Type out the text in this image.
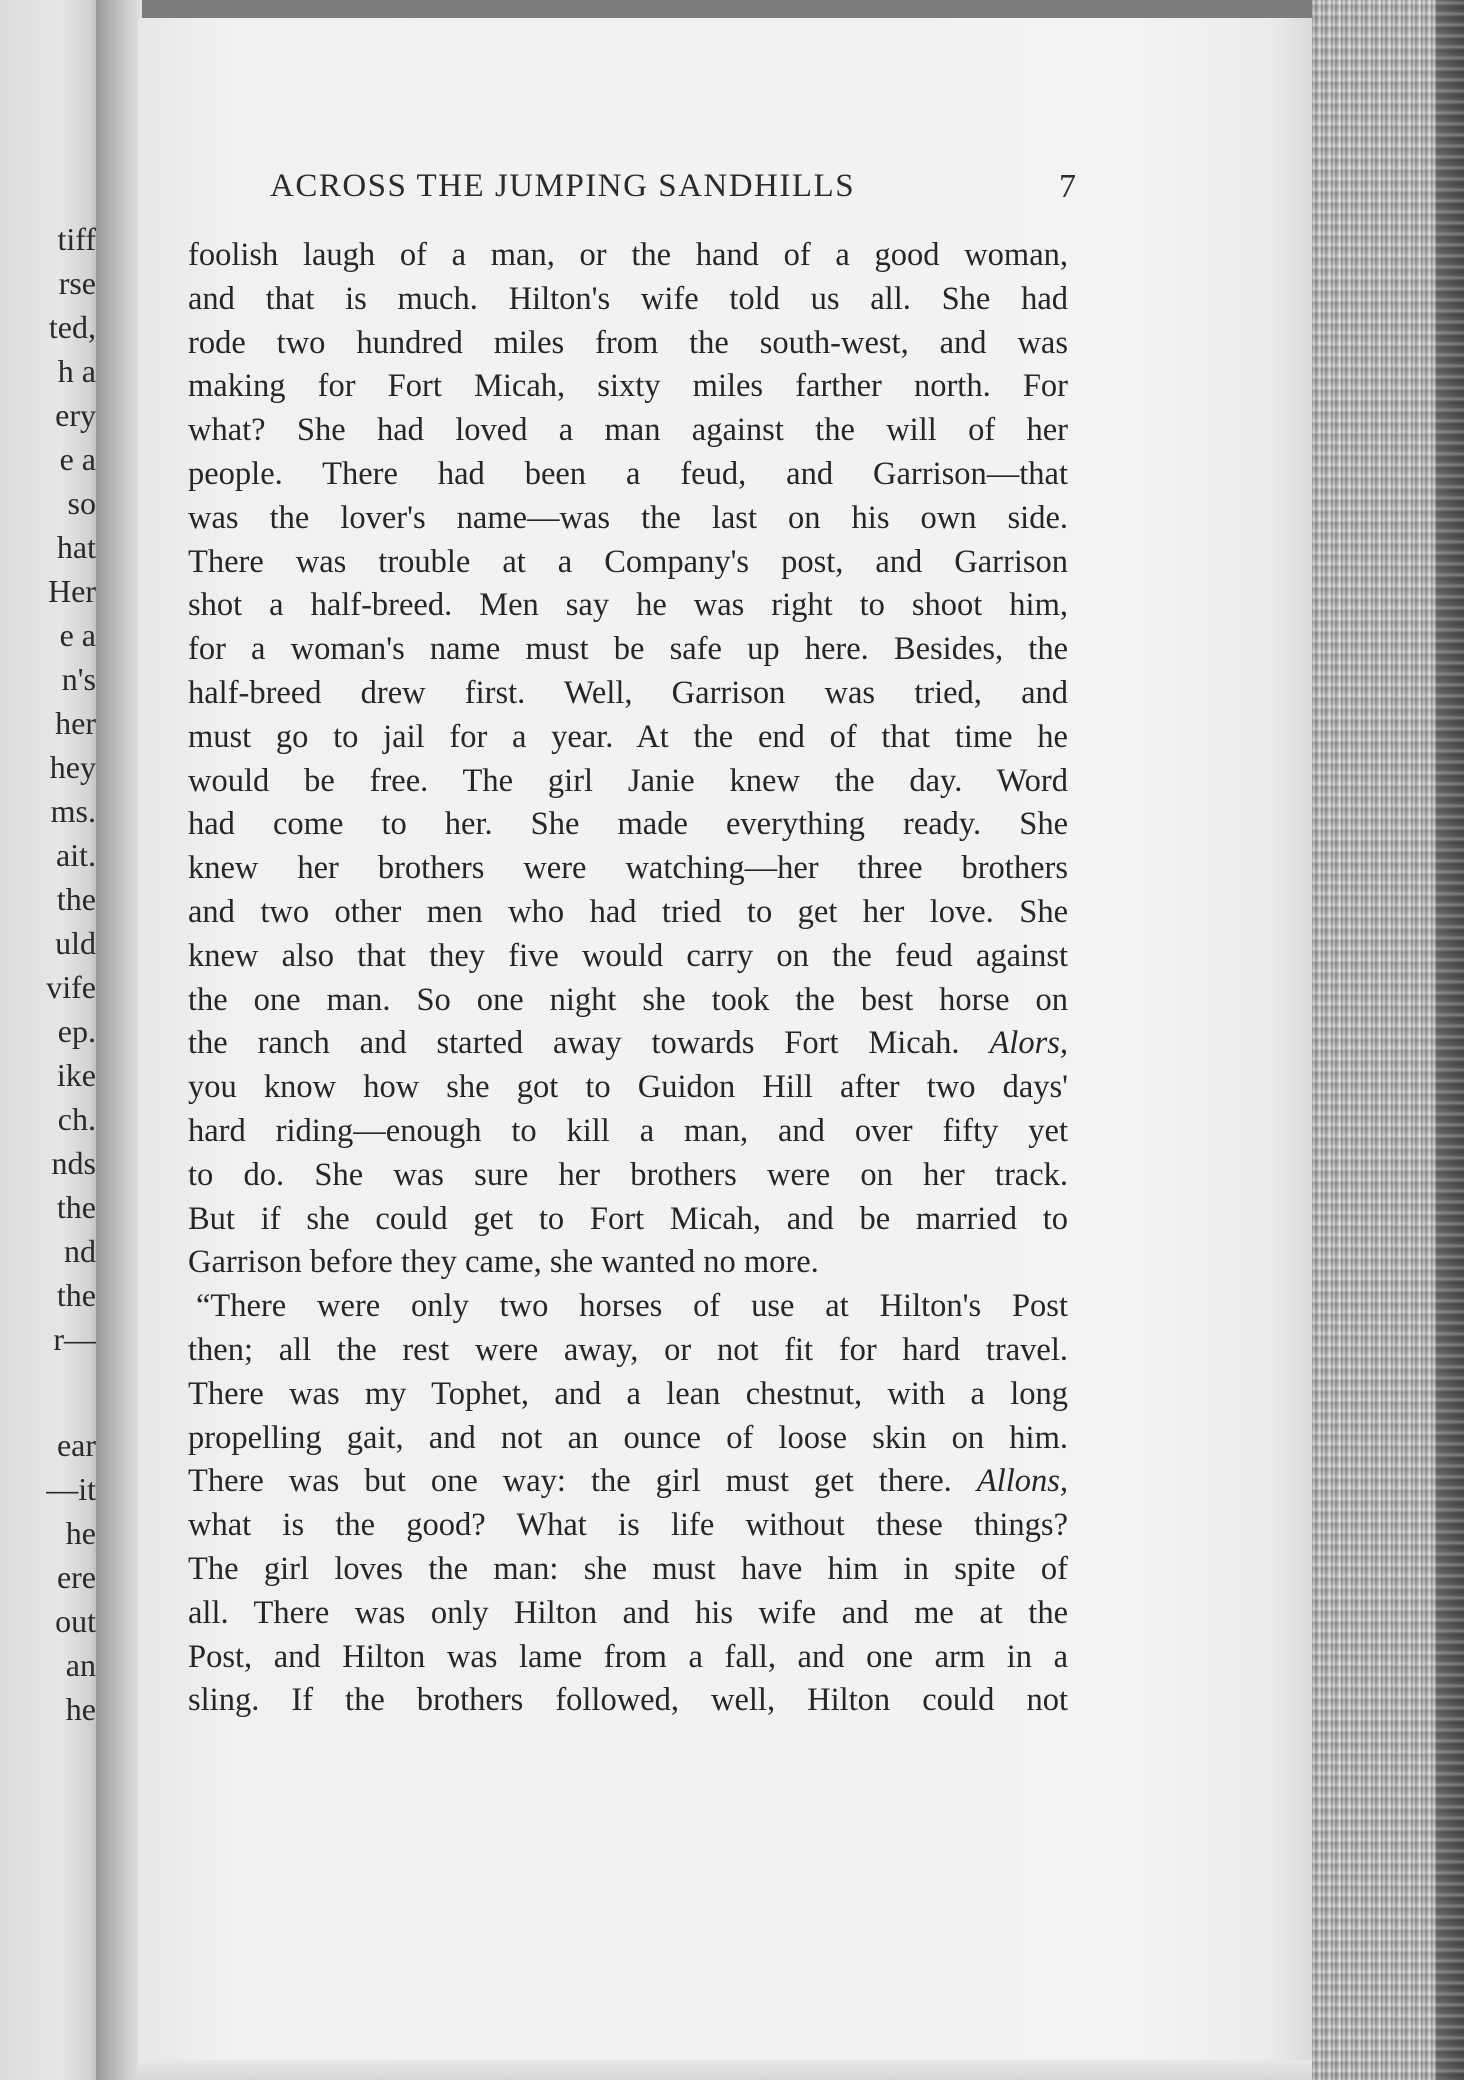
tiff
rse
ted,
h a
ery
e a
so
hat
Her
e a
n's
her
hey
ms.
ait.
the
uld
vife
ep.
ike
ch.
nds
the
nd
the
r—
ear
—it
he
ere
out
an
he
ACROSS THE JUMPING SANDHILLS	7
foolish laugh of a man, or the hand of a good woman,
and that is much. Hilton's wife told us all. She had
rode two hundred miles from the south-west, and was
making for Fort Micah, sixty miles farther north. For
what? She had loved a man against the will of her
people. There had been a feud, and Garrison—that
was the lover's name—was the last on his own side.
There was trouble at a Company's post, and Garrison
shot a half-breed. Men say he was right to shoot him,
for a woman's name must be safe up here. Besides, the
half-breed drew first. Well, Garrison was tried, and
must go to jail for a year. At the end of that time he
would be free. The girl Janie knew the day. Word
had come to her. She made everything ready. She
knew her brothers were watching—her three brothers
and two other men who had tried to get her love. She
knew also that they five would carry on the feud against
the one man. So one night she took the best horse on
the ranch and started away towards Fort Micah. Alors,
you know how she got to Guidon Hill after two days'
hard riding—enough to kill a man, and over fifty yet
to do. She was sure her brothers were on her track.
But if she could get to Fort Micah, and be married to
Garrison before they came, she wanted no more.
“There were only two horses of use at Hilton's Post
then; all the rest were away, or not fit for hard travel.
There was my Tophet, and a lean chestnut, with a long
propelling gait, and not an ounce of loose skin on him.
There was but one way: the girl must get there. Allons,
what is the good? What is life without these things?
The girl loves the man: she must have him in spite of
all. There was only Hilton and his wife and me at the
Post, and Hilton was lame from a fall, and one arm in a
sling. If the brothers followed, well, Hilton could not
